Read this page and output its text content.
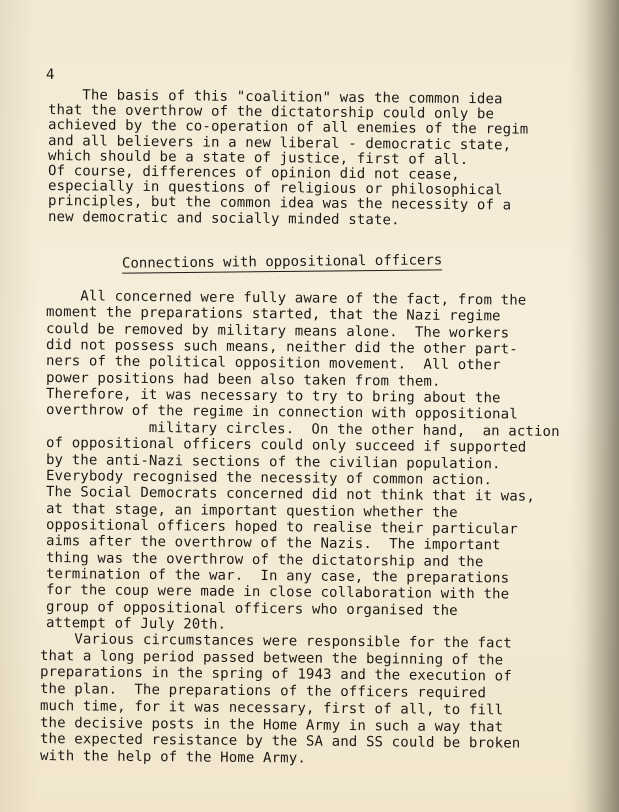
4
The basis of this "coalition" was the common idea
that the overthrow of the dictatorship could only be
achieved by the co-operation of all enemies of the regim
and all believers in a new liberal - democratic state,
which should be a state of justice, first of all.
Of course, differences of opinion did not cease,
especially in questions of religious or philosophical
principles, but the common idea was the necessity of a
new democratic and socially minded state.
Connections with oppositional officers
All concerned were fully aware of the fact, from the
moment the preparations started, that the Nazi regime
could be removed by military means alone.  The workers
did not possess such means, neither did the other part-
ners of the political opposition movement.  All other
power positions had been also taken from them.
Therefore, it was necessary to try to bring about the
overthrow of the regime in connection with oppositional
military circles.  On the other hand,  an action
of oppositional officers could only succeed if supported
by the anti-Nazi sections of the civilian population.
Everybody recognised the necessity of common action.
The Social Democrats concerned did not think that it was,
at that stage, an important question whether the
oppositional officers hoped to realise their particular
aims after the overthrow of the Nazis.  The important
thing was the overthrow of the dictatorship and the
termination of the war.  In any case, the preparations
for the coup were made in close collaboration with the
group of oppositional officers who organised the
attempt of July 20th.
Various circumstances were responsible for the fact
that a long period passed between the beginning of the
preparations in the spring of 1943 and the execution of
the plan.  The preparations of the officers required
much time, for it was necessary, first of all, to fill
the decisive posts in the Home Army in such a way that
the expected resistance by the SA and SS could be broken
with the help of the Home Army.
